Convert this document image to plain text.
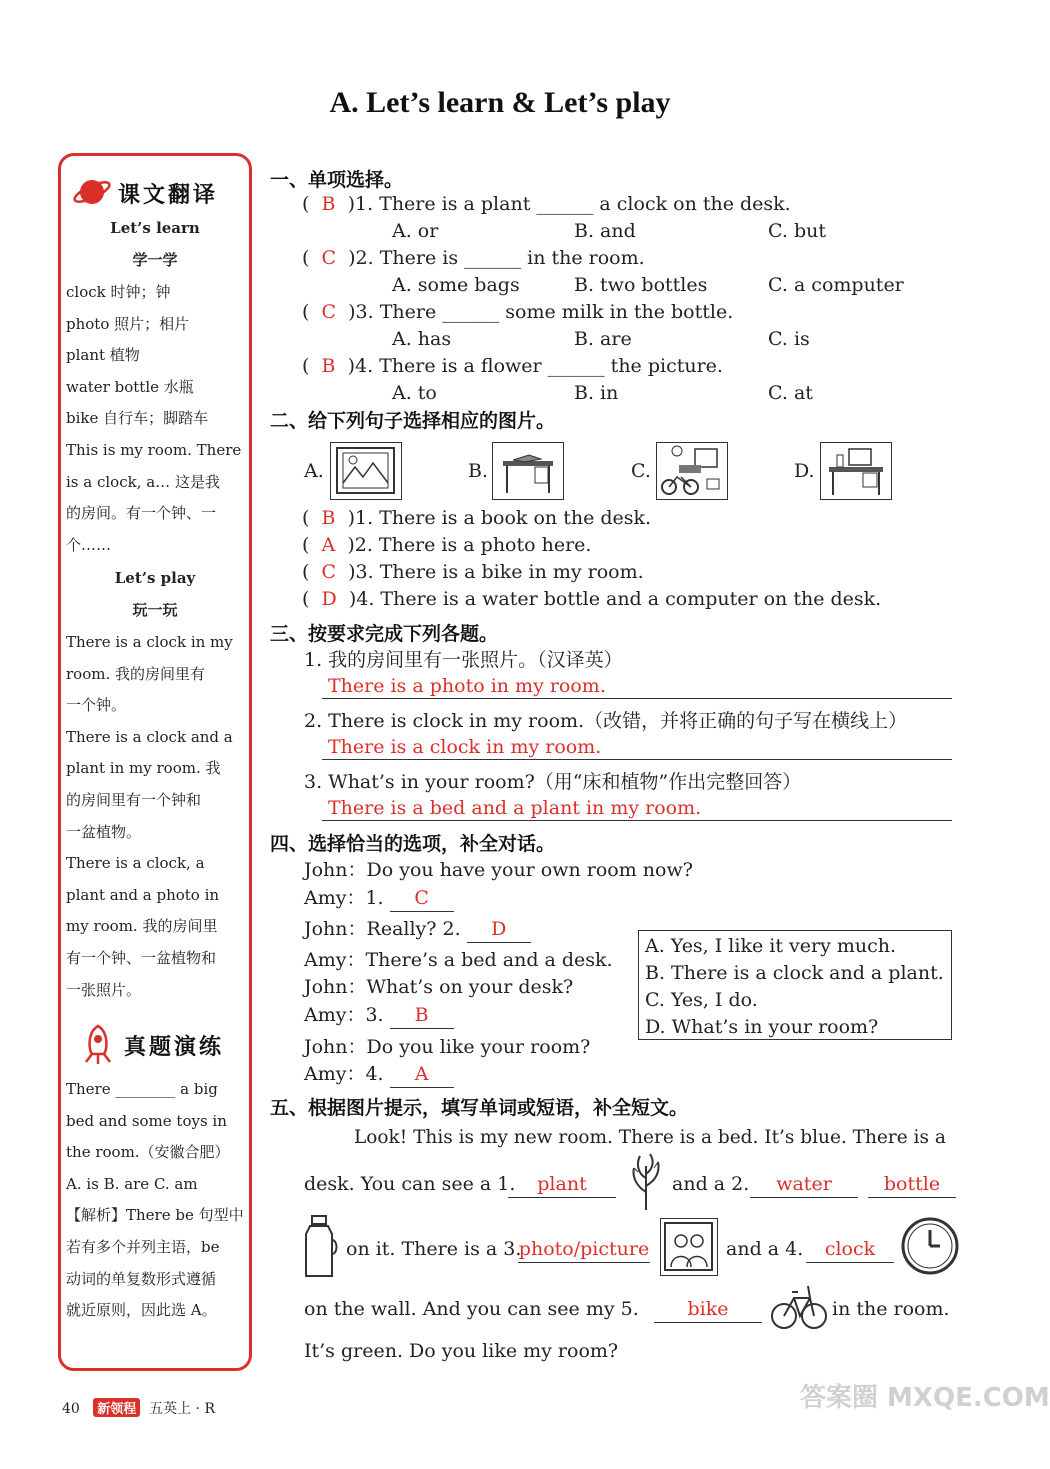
A. Let’s learn & Let’s play
课文翻译
Let’s learn
学一学
clock 时钟；钟
photo 照片；相片
plant 植物
water bottle 水瓶
bike 自行车；脚踏车
This is my room. There
is a clock, a… 这是我
的房间。有一个钟、一
个……
Let’s play
玩一玩
There is a clock in my
room. 我的房间里有
一个钟。
There is a clock and a
plant in my room. 我
的房间里有一个钟和
一盆植物。
There is a clock, a
plant and a photo in
my room. 我的房间里
有一个钟、一盆植物和
一张照片。
真题演练
There ________ a big
bed and some toys in
the room.（安徽合肥）
A. is B. are C. am
【解析】There be 句型中
若有多个并列主语，be
动词的单复数形式遵循
就近原则，因此选 A。
一、单项选择。
(  B )1. There is a plant ______ a clock on the desk.
A. or	B. and	C. but
(  C )2. There is ______ in the room.
A. some bags	B. two bottles	C. a computer
(  C )3. There ______ some milk in the bottle.
A. has	B. are	C. is
(  B )4. There is a flower ______ the picture.
A. to	B. in	C. at
二、给下列句子选择相应的图片。
A.	B.	C.	D.
(  B )1. There is a book on the desk.
(  A )2. There is a photo here.
(  C )3. There is a bike in my room.
(  D )4. There is a water bottle and a computer on the desk.
三、按要求完成下列各题。
1. 我的房间里有一张照片。（汉译英）
There is a photo in my room.
2. There is clock in my room.（改错，并将正确的句子写在横线上）
There is a clock in my room.
3. What’s in your room?（用“床和植物”作出完整回答）
There is a bed and a plant in my room.
四、选择恰当的选项，补全对话。
John：Do you have your own room now?
Amy：1. C
John：Really? 2. D
Amy：There’s a bed and a desk.
John：What’s on your desk?
Amy：3. B
John：Do you like your room?
Amy：4. A
A. Yes, I like it very much.
B. There is a clock and a plant.
C. Yes, I do.
D. What’s in your room?
五、根据图片提示，填写单词或短语，补全短文。
Look! This is my new room. There is a bed. It’s blue. There is a
desk. You can see a 1.	plant	and a 2.	water	bottle
on it. There is a 3.
photo/picture	and a 4.	clock
on the wall. And you can see my 5.	bike	in the room.
It’s green. Do you like my room?
40 新领程 五英上 · R	答案圈 MXQE.COM
